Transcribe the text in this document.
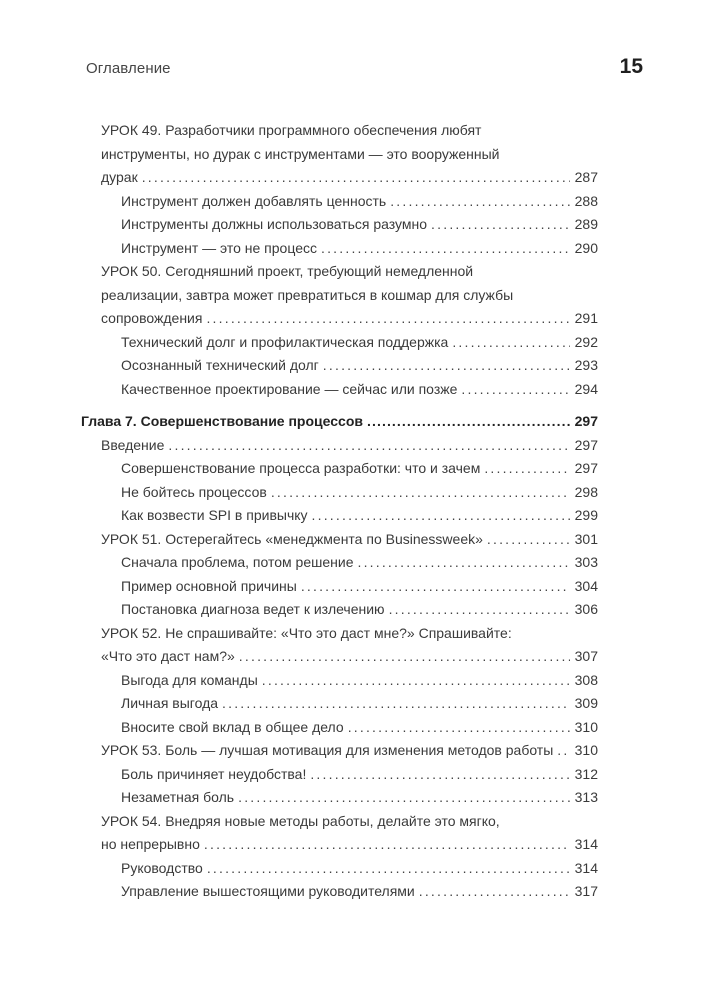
Оглавление	15
УРОК 49. Разработчики программного обеспечения любят
инструменты, но дурак с инструментами — это вооруженный
дурак .....	287
Инструмент должен добавлять ценность .....	288
Инструменты должны использоваться разумно .....	289
Инструмент — это не процесс .....	290
УРОК 50. Сегодняшний проект, требующий немедленной
реализации, завтра может превратиться в кошмар для службы
сопровождения .....	291
Технический долг и профилактическая поддержка .....	292
Осознанный технический долг .....	293
Качественное проектирование — сейчас или позже .....	294
Глава 7. Совершенствование процессов .....	297
Введение .....	297
Совершенствование процесса разработки: что и зачем .....	297
Не бойтесь процессов .....	298
Как возвести SPI в привычку .....	299
УРОК 51. Остерегайтесь «менеджмента по Businessweek» .....	301
Сначала проблема, потом решение .....	303
Пример основной причины .....	304
Постановка диагноза ведет к излечению .....	306
УРОК 52. Не спрашивайте: «Что это даст мне?» Спрашивайте:
«Что это даст нам?» .....	307
Выгода для команды .....	308
Личная выгода .....	309
Вносите свой вклад в общее дело .....	310
УРОК 53. Боль — лучшая мотивация для изменения методов работы ..... 310
Боль причиняет неудобства! .....	312
Незаметная боль .....	313
УРОК 54. Внедряя новые методы работы, делайте это мягко,
но непрерывно .....	314
Руководство .....	314
Управление вышестоящими руководителями .....	317
